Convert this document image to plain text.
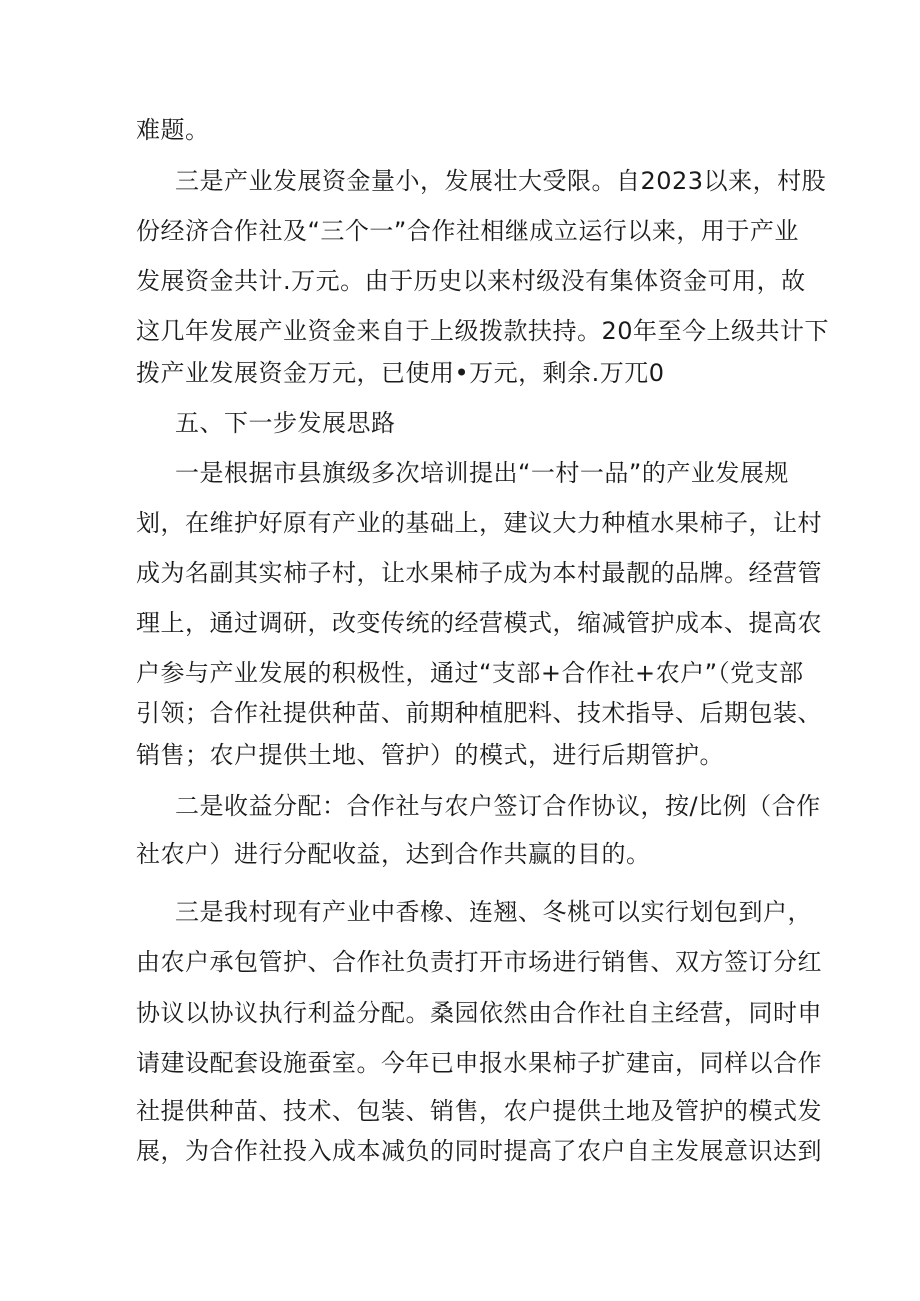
难题。
三是产业发展资金量小，发展壮大受限。自2023以来，村股
份经济合作社及“三个一”合作社相继成立运行以来，用于产业
发展资金共计.万元。由于历史以来村级没有集体资金可用，故
这几年发展产业资金来自于上级拨款扶持。20年至今上级共计下
拨产业发展资金万元，已使用•万元，剩余.万兀0
五、下一步发展思路
一是根据市县旗级多次培训提出“一村一品”的产业发展规
划，在维护好原有产业的基础上，建议大力种植水果柿子，让村
成为名副其实柿子村，让水果柿子成为本村最靓的品牌。经营管
理上，通过调研，改变传统的经营模式，缩减管护成本、提高农
户参与产业发展的积极性，通过“支部+合作社+农户”（党支部
引领；合作社提供种苗、前期种植肥料、技术指导、后期包装、
销售；农户提供土地、管护）的模式，进行后期管护。
二是收益分配：合作社与农户签订合作协议，按/比例（合作
社农户）进行分配收益，达到合作共赢的目的。
三是我村现有产业中香橡、连翘、冬桃可以实行划包到户，
由农户承包管护、合作社负责打开市场进行销售、双方签订分红
协议以协议执行利益分配。桑园依然由合作社自主经营，同时申
请建设配套设施蚕室。今年已申报水果柿子扩建亩，同样以合作
社提供种苗、技术、包装、销售，农户提供土地及管护的模式发
展，为合作社投入成本减负的同时提高了农户自主发展意识达到
